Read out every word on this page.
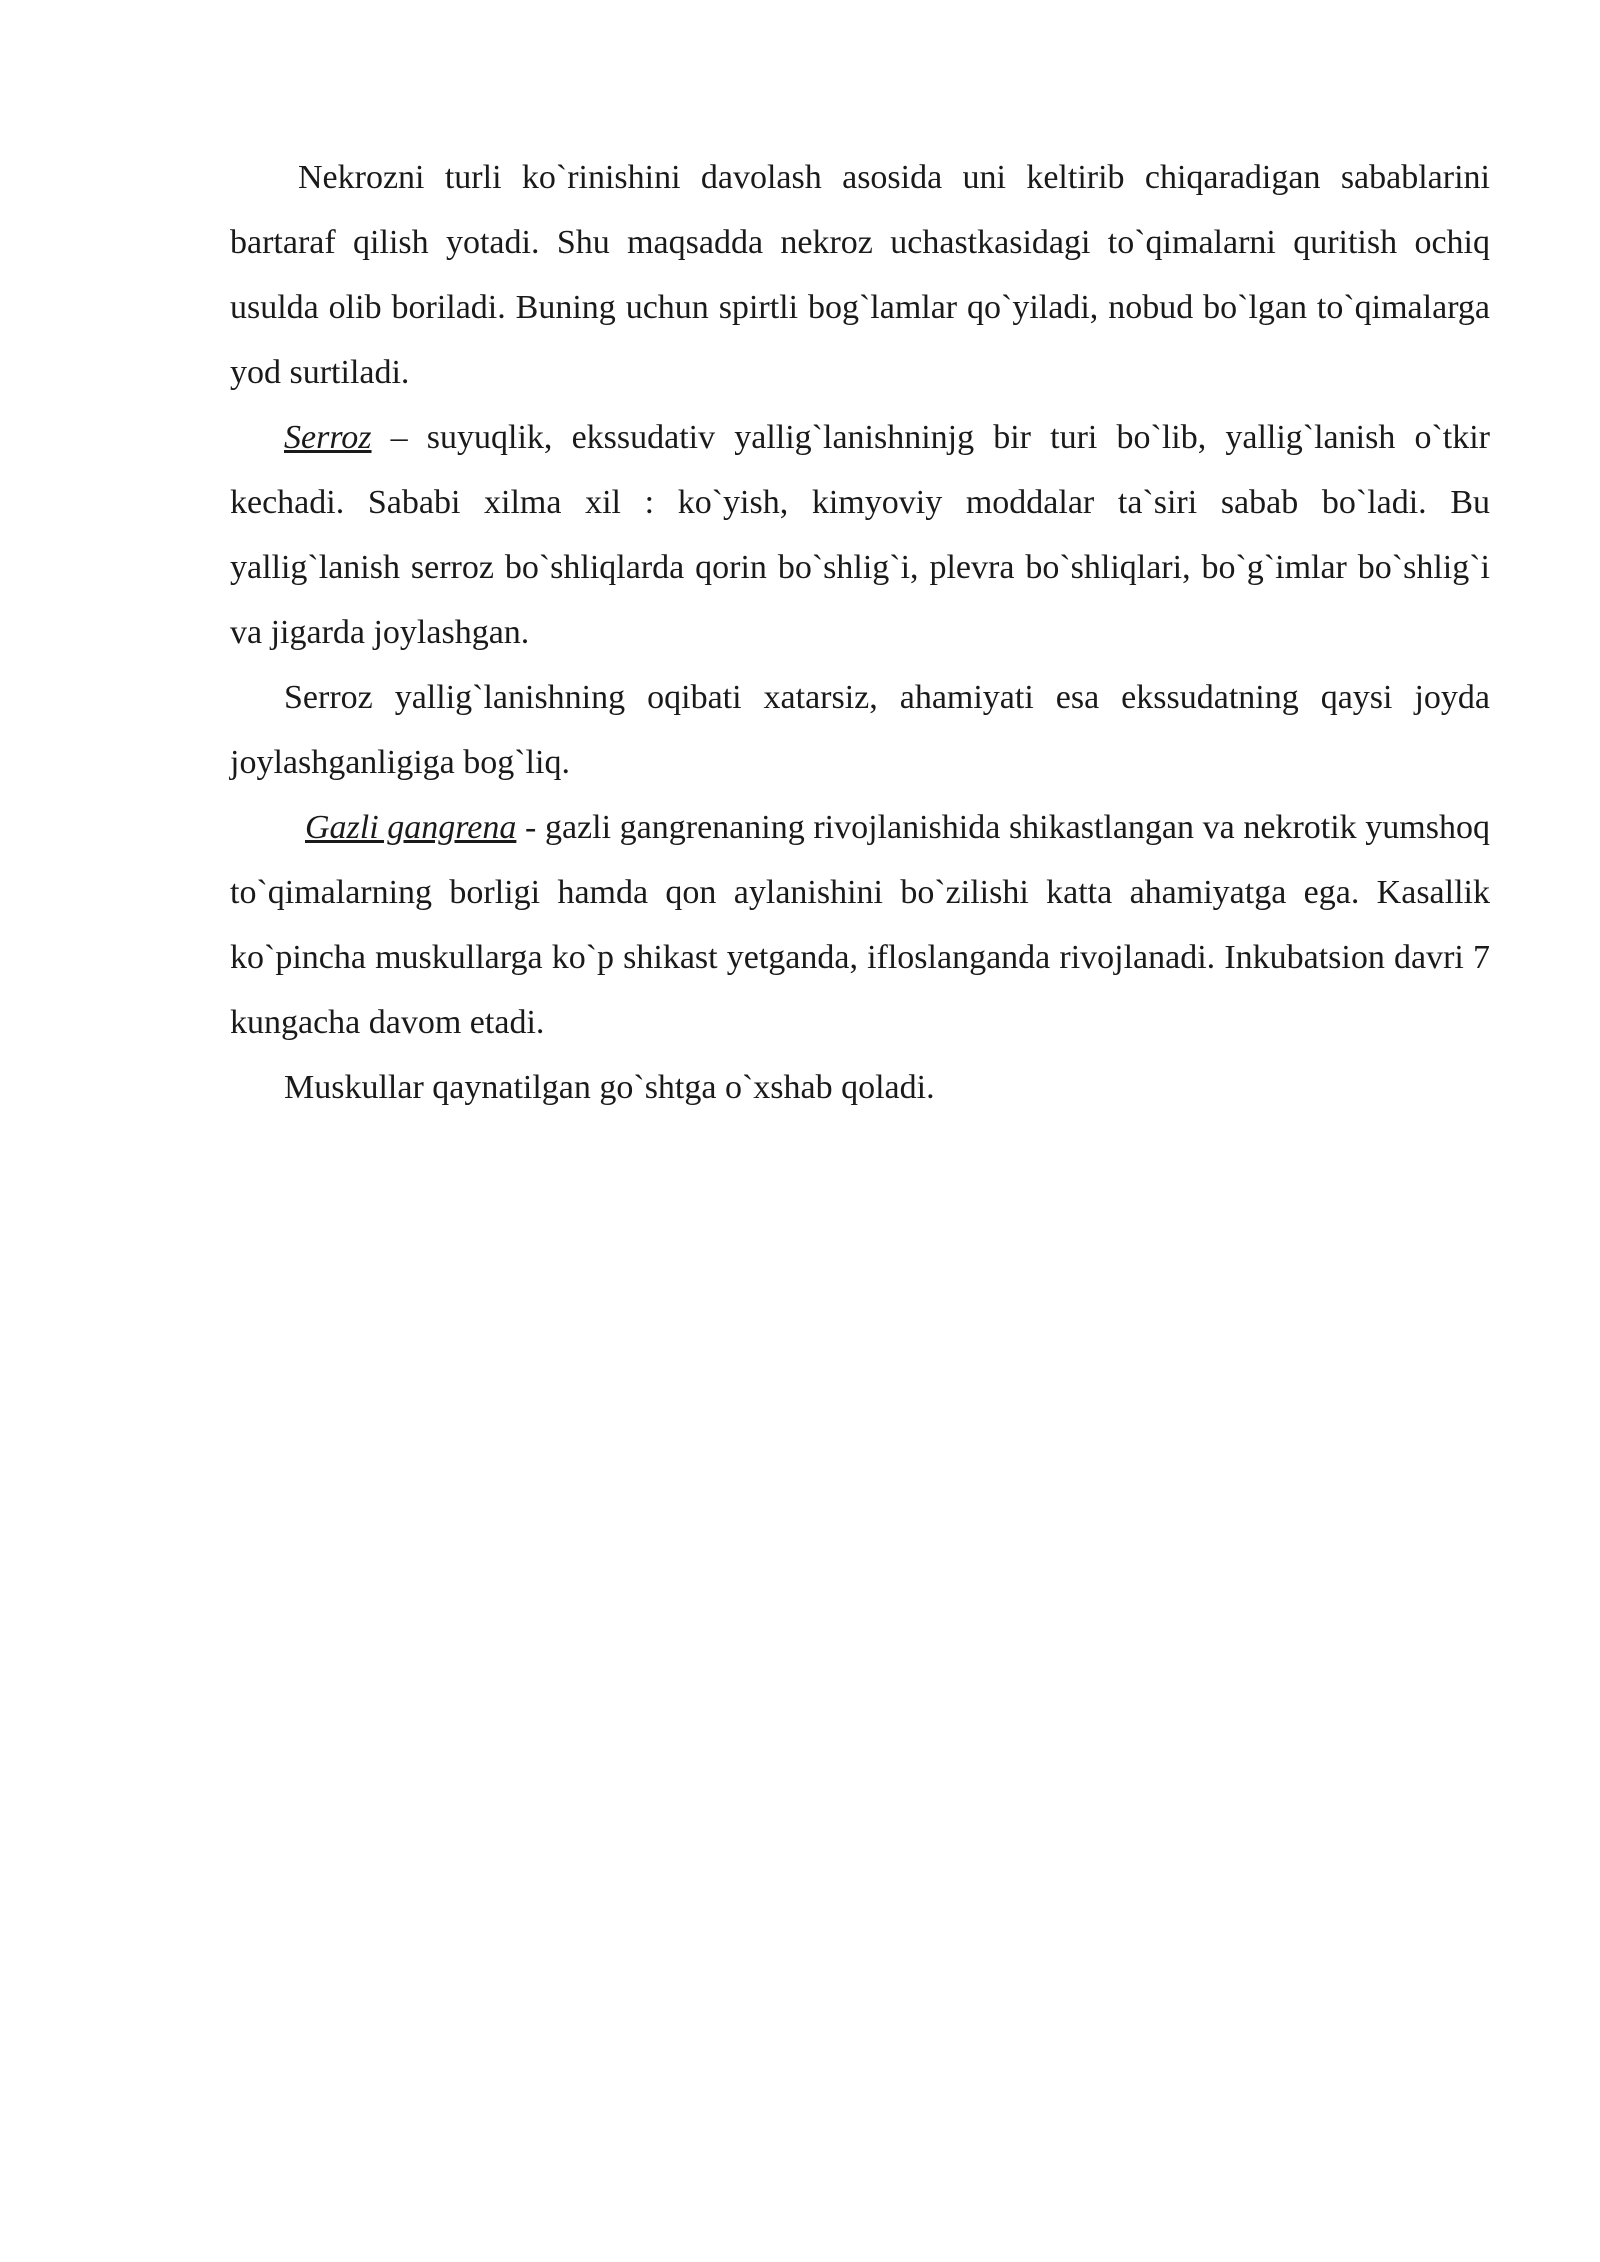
Nekrozni turli ko`rinishini davolash asosida uni keltirib chiqaradigan sabablarini bartaraf qilish yotadi. Shu maqsadda nekroz uchastkasidagi to`qimalarni quritish ochiq usulda olib boriladi. Buning uchun spirtli bog`lamlar qo`yiladi, nobud bo`lgan to`qimalarga yod surtiladi.

Serroz – suyuqlik, ekssudativ yallig`lanishninjg bir turi bo`lib, yallig`lanish o`tkir kechadi. Sababi xilma xil : ko`yish, kimyoviy moddalar ta`siri sabab bo`ladi. Bu yallig`lanish serroz bo`shliqlarda qorin bo`shlig`i, plevra bo`shliqlari, bo`g`imlar bo`shlig`i va jigarda joylashgan.

Serroz yallig`lanishning oqibati xatarsiz, ahamiyati esa ekssudatning qaysi joyda joylashganligiga bog`liq.

Gazli gangrena - gazli gangrenaning rivojlanishida shikastlangan va nekrotik yumshoq to`qimalarning borligi hamda qon aylanishini bo`zilishi katta ahamiyatga ega. Kasallik ko`pincha muskullarga ko`p shikast yetganda, ifloslanganda rivojlanadi. Inkubatsion davri 7 kungacha davom etadi.

Muskullar qaynatilgan go`shtga o`xshab qoladi.
